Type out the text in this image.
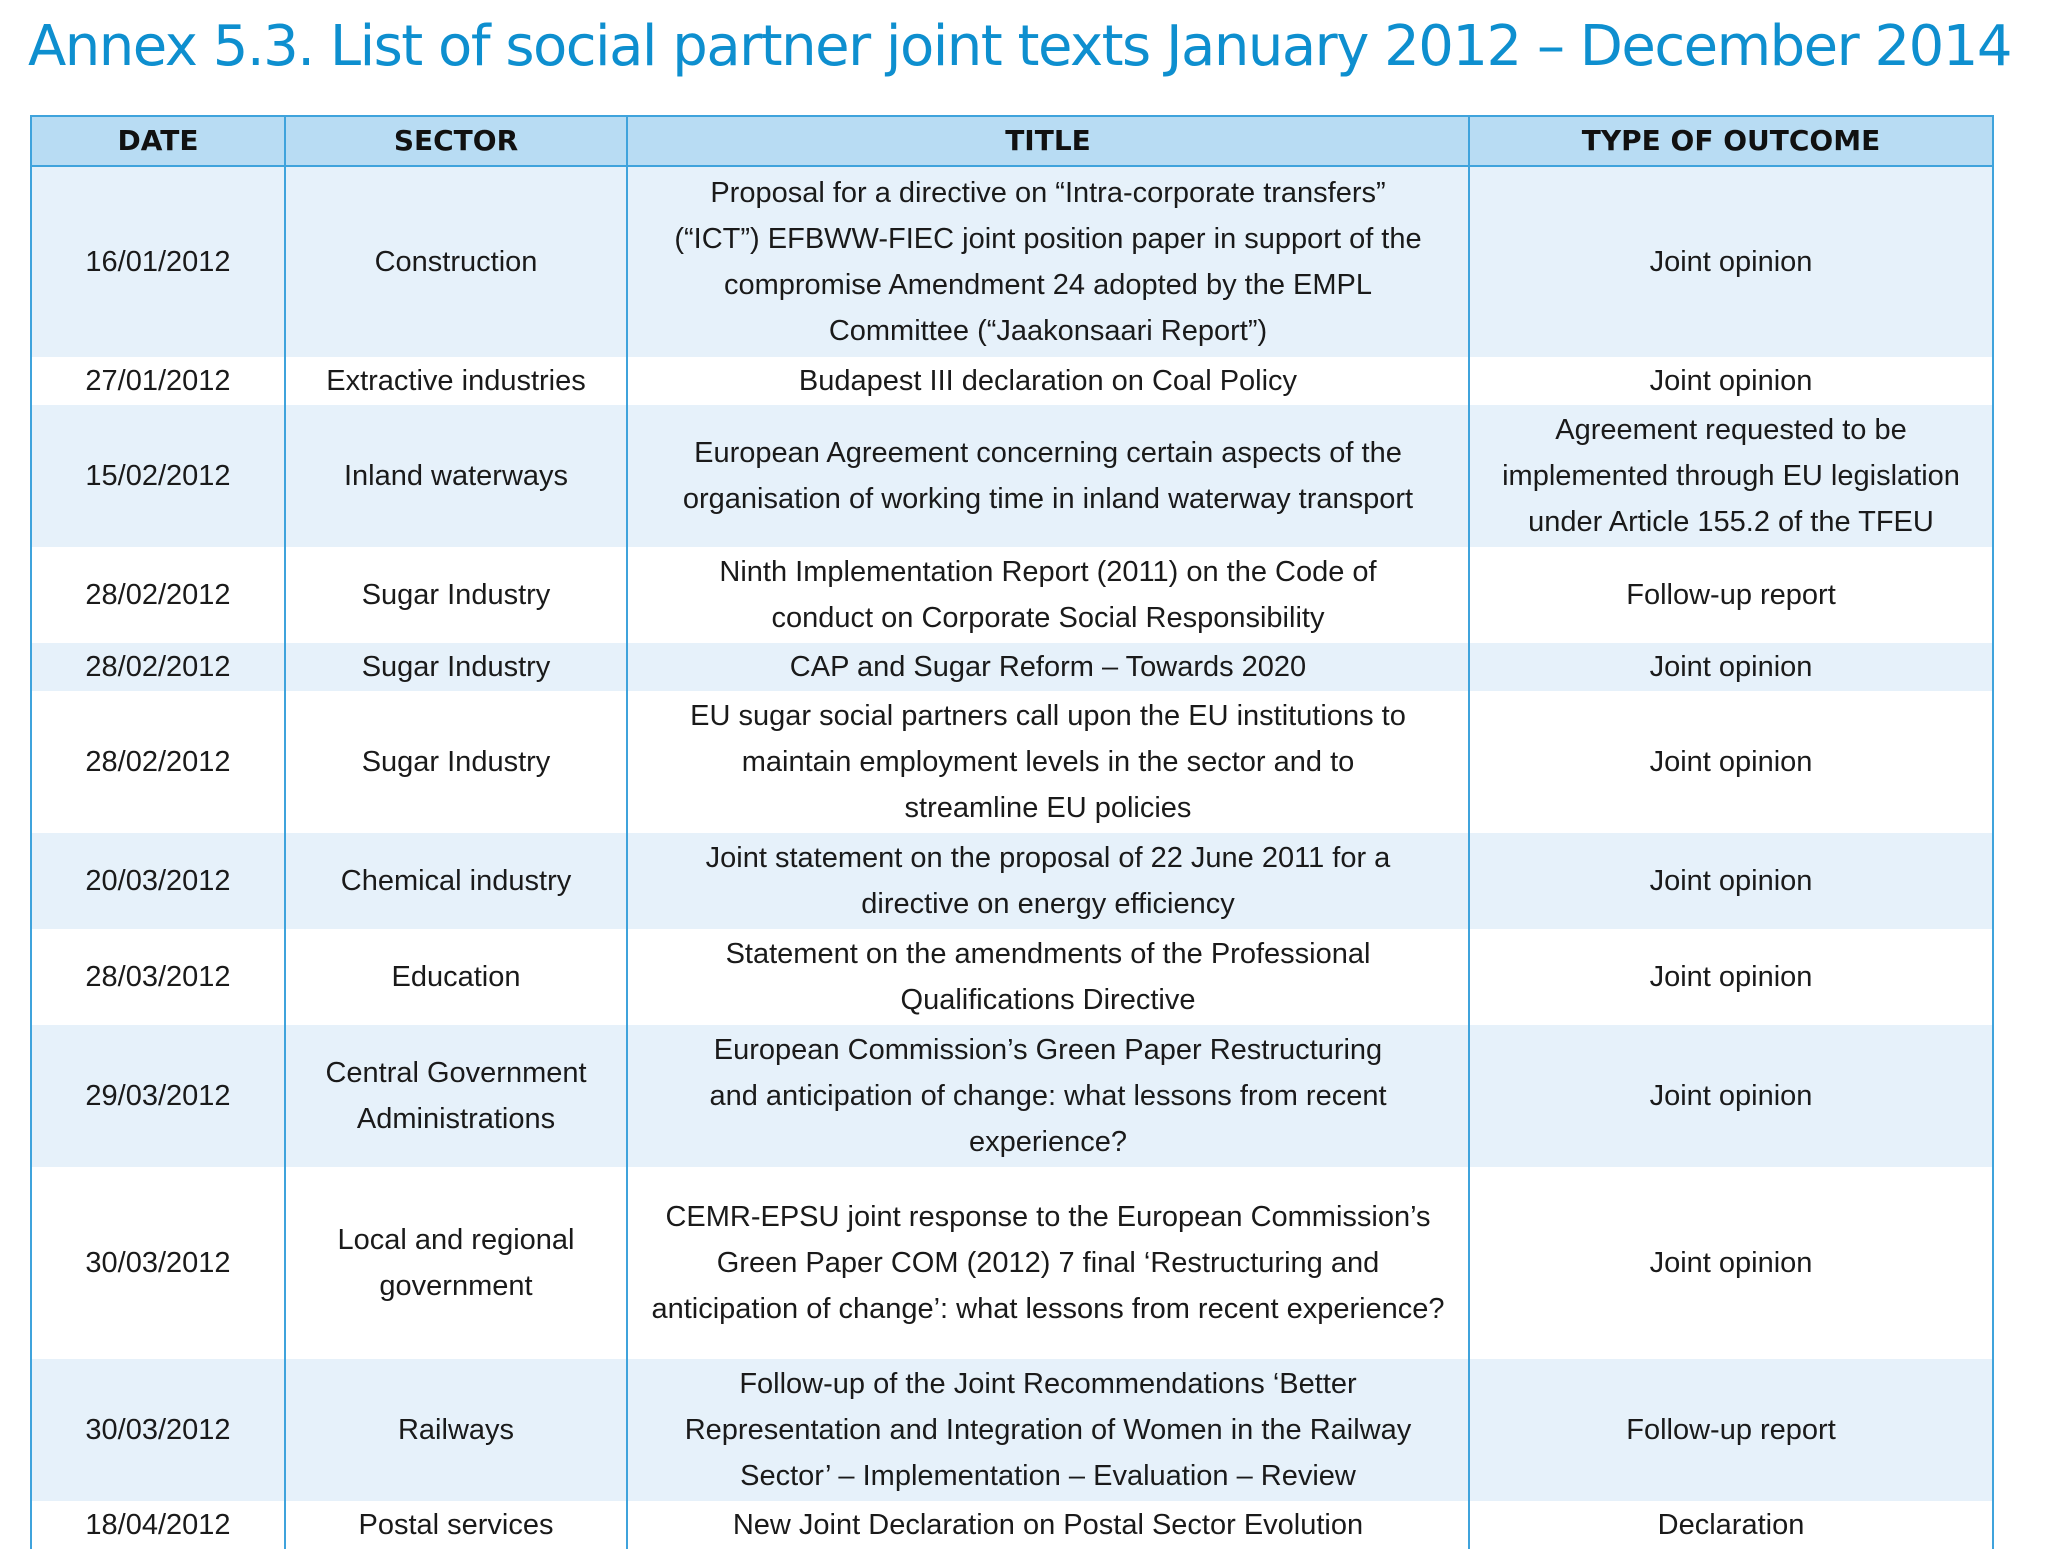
Annex 5.3. List of social partner joint texts January 2012 – December 2014
DATE	SECTOR	TITLE	TYPE OF OUTCOME
16/01/2012	Construction	Proposal for a directive on “Intra-corporate transfers” (“ICT”) EFBWW-FIEC joint position paper in support of the compromise Amendment 24 adopted by the EMPL Committee (“Jaakonsaari Report”)	Joint opinion
27/01/2012	Extractive industries	Budapest III declaration on Coal Policy	Joint opinion
15/02/2012	Inland waterways	European Agreement concerning certain aspects of the organisation of working time in inland waterway transport	Agreement requested to be implemented through EU legislation under Article 155.2 of the TFEU
28/02/2012	Sugar Industry	Ninth Implementation Report (2011) on the Code of conduct on Corporate Social Responsibility	Follow-up report
28/02/2012	Sugar Industry	CAP and Sugar Reform – Towards 2020	Joint opinion
28/02/2012	Sugar Industry	EU sugar social partners call upon the EU institutions to maintain employment levels in the sector and to streamline EU policies	Joint opinion
20/03/2012	Chemical industry	Joint statement on the proposal of 22 June 2011 for a directive on energy efficiency	Joint opinion
28/03/2012	Education	Statement on the amendments of the Professional Qualifications Directive	Joint opinion
29/03/2012	Central Government Administrations	European Commission’s Green Paper Restructuring and anticipation of change: what lessons from recent experience?	Joint opinion
30/03/2012	Local and regional government	CEMR-EPSU joint response to the European Commission’s Green Paper COM (2012) 7 final ‘Restructuring and anticipation of change’: what lessons from recent experience?	Joint opinion
30/03/2012	Railways	Follow-up of the Joint Recommendations ‘Better Representation and Integration of Women in the Railway Sector’ – Implementation – Evaluation – Review	Follow-up report
18/04/2012	Postal services	New Joint Declaration on Postal Sector Evolution	Declaration
